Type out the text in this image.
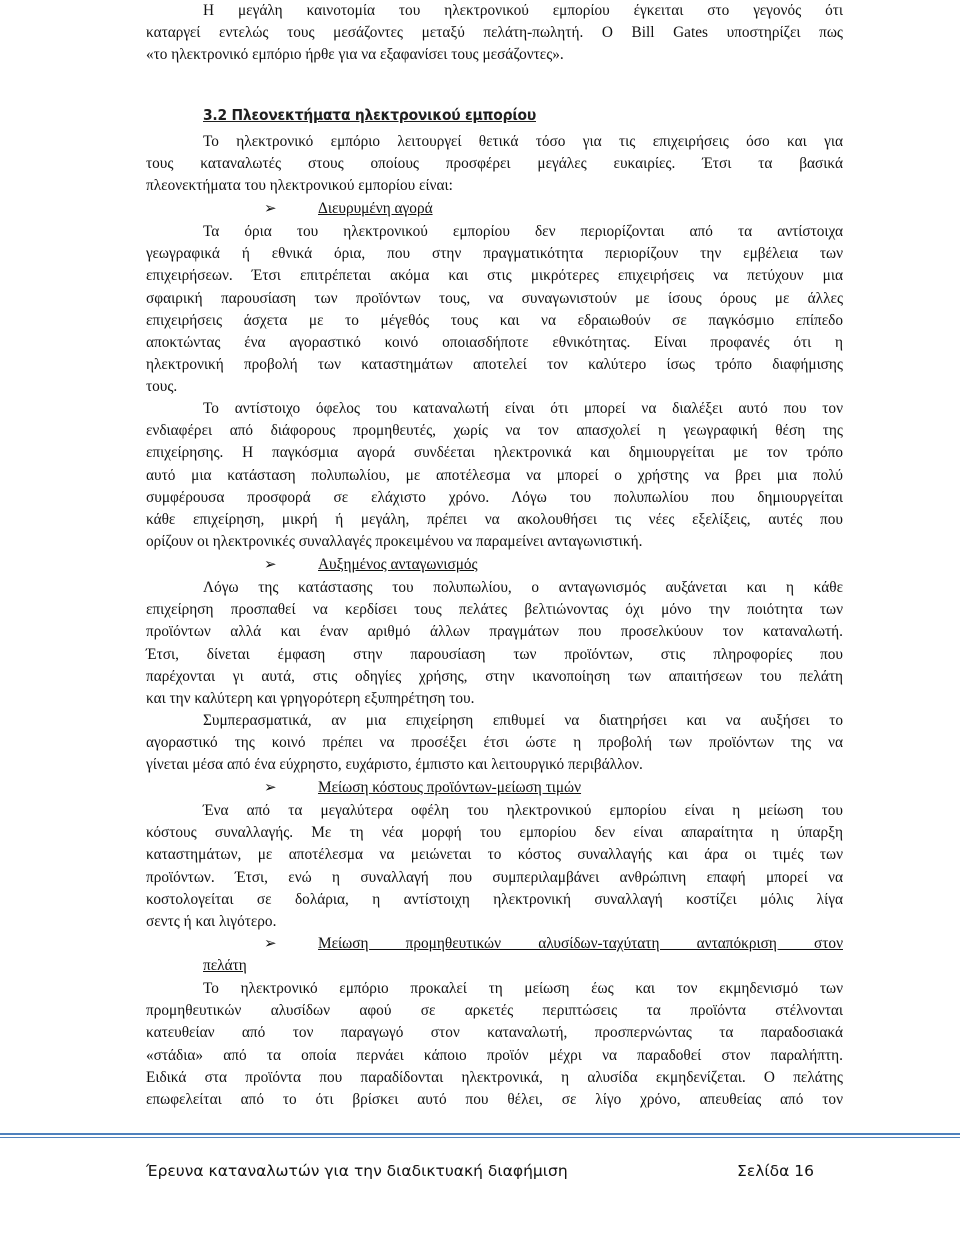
Η μεγάλη καινοτομία του ηλεκτρονικού εμπορίου έγκειται στο γεγονός ότι
καταργεί εντελώς τους μεσάζοντες μεταξύ πελάτη-πωλητή. Ο Bill Gates υποστηρίζει πως
«το ηλεκτρονικό εμπόριο ήρθε για να εξαφανίσει τους μεσάζοντες».
3.2 Πλεονεκτήματα ηλεκτρονικού εμπορίου
Το ηλεκτρονικό εμπόριο λειτουργεί θετικά τόσο για τις επιχειρήσεις όσο και για
τους καταναλωτές στους οποίους προσφέρει μεγάλες ευκαιρίες. Έτσι τα βασικά
πλεονεκτήματα του ηλεκτρονικού εμπορίου είναι:
➢	Διευρυμένη αγορά
Τα όρια του ηλεκτρονικού εμπορίου δεν περιορίζονται από τα αντίστοιχα
γεωγραφικά ή εθνικά όρια, που στην πραγματικότητα περιορίζουν την εμβέλεια των
επιχειρήσεων. Έτσι επιτρέπεται ακόμα και στις μικρότερες επιχειρήσεις να πετύχουν μια
σφαιρική παρουσίαση των προϊόντων τους, να συναγωνιστούν με ίσους όρους με άλλες
επιχειρήσεις άσχετα με το μέγεθός τους και να εδραιωθούν σε παγκόσμιο επίπεδο
αποκτώντας ένα αγοραστικό κοινό οποιασδήποτε εθνικότητας. Είναι προφανές ότι η
ηλεκτρονική προβολή των καταστημάτων αποτελεί τον καλύτερο ίσως τρόπο διαφήμισης
τους.
Το αντίστοιχο όφελος του καταναλωτή είναι ότι μπορεί να διαλέξει αυτό που τον
ενδιαφέρει από διάφορους προμηθευτές, χωρίς να τον απασχολεί η γεωγραφική θέση της
επιχείρησης. Η παγκόσμια αγορά συνδέεται ηλεκτρονικά και δημιουργείται με τον τρόπο
αυτό μια κατάσταση πολυπωλίου, με αποτέλεσμα να μπορεί ο χρήστης να βρει μια πολύ
συμφέρουσα προσφορά σε ελάχιστο χρόνο. Λόγω του πολυπωλίου που δημιουργείται
κάθε επιχείρηση, μικρή ή μεγάλη, πρέπει να ακολουθήσει τις νέες εξελίξεις, αυτές που
ορίζουν οι ηλεκτρονικές συναλλαγές προκειμένου να παραμείνει ανταγωνιστική.
➢	Αυξημένος ανταγωνισμός
Λόγω της κατάστασης του πολυπωλίου, ο ανταγωνισμός αυξάνεται και η κάθε
επιχείρηση προσπαθεί να κερδίσει τους πελάτες βελτιώνοντας όχι μόνο την ποιότητα των
προϊόντων αλλά και έναν αριθμό άλλων πραγμάτων που προσελκύουν τον καταναλωτή.
Έτσι, δίνεται έμφαση στην παρουσίαση των προϊόντων, στις πληροφορίες που
παρέχονται γι αυτά, στις οδηγίες χρήσης, στην ικανοποίηση των απαιτήσεων του πελάτη
και την καλύτερη και γρηγορότερη εξυπηρέτηση του.
Συμπερασματικά, αν μια επιχείρηση επιθυμεί να διατηρήσει και να αυξήσει το
αγοραστικό της κοινό πρέπει να προσέξει έτσι ώστε η προβολή των προϊόντων της να
γίνεται μέσα από ένα εύχρηστο, ευχάριστο, έμπιστο και λειτουργικό περιβάλλον.
➢	Μείωση κόστους προϊόντων-μείωση τιμών
Ένα από τα μεγαλύτερα οφέλη του ηλεκτρονικού εμπορίου είναι η μείωση του
κόστους συναλλαγής. Με τη νέα μορφή του εμπορίου δεν είναι απαραίτητα η ύπαρξη
καταστημάτων, με αποτέλεσμα να μειώνεται το κόστος συναλλαγής και άρα οι τιμές των
προϊόντων. Έτσι, ενώ η συναλλαγή που συμπεριλαμβάνει ανθρώπινη επαφή μπορεί να
κοστολογείται σε δολάρια, η αντίστοιχη ηλεκτρονική συναλλαγή κοστίζει μόλις λίγα
σεντς ή και λιγότερο.
➢	Μείωση προμηθευτικών αλυσίδων-ταχύτατη ανταπόκριση στον
πελάτη
Το ηλεκτρονικό εμπόριο προκαλεί τη μείωση έως και τον εκμηδενισμό των
προμηθευτικών αλυσίδων αφού σε αρκετές περιπτώσεις τα προϊόντα στέλνονται
κατευθείαν από τον παραγωγό στον καταναλωτή, προσπερνώντας τα παραδοσιακά
«στάδια» από τα οποία περνάει κάποιο προϊόν μέχρι να παραδοθεί στον παραλήπτη.
Ειδικά στα προϊόντα που παραδίδονται ηλεκτρονικά, η αλυσίδα εκμηδενίζεται. Ο πελάτης
επωφελείται από το ότι βρίσκει αυτό που θέλει, σε λίγο χρόνο, απευθείας από τον
Έρευνα καταναλωτών για την διαδικτυακή διαφήμιση	Σελίδα 16
